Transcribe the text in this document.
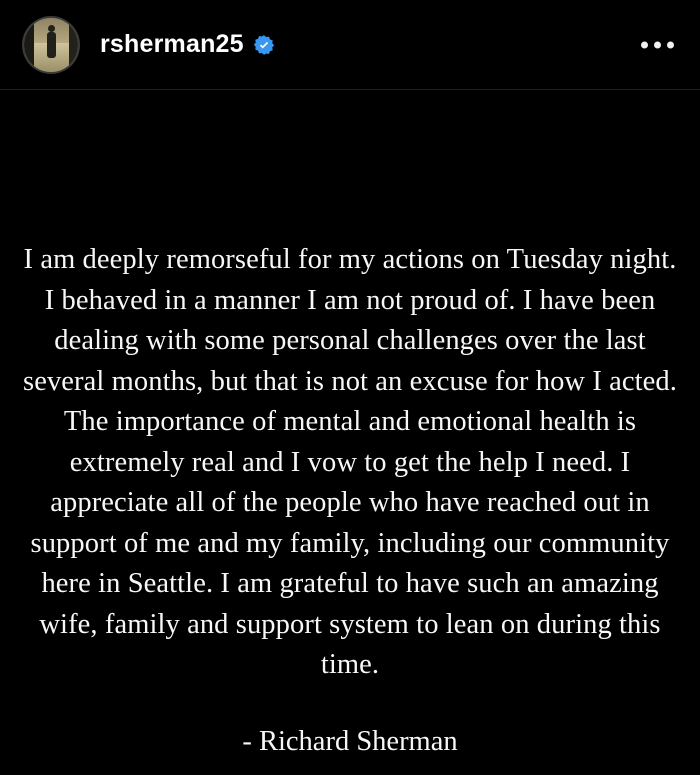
rsherman25
I am deeply remorseful for my actions on Tuesday night. I behaved in a manner I am not proud of. I have been dealing with some personal challenges over the last several months, but that is not an excuse for how I acted. The importance of mental and emotional health is extremely real and I vow to get the help I need. I appreciate all of the people who have reached out in support of me and my family, including our community here in Seattle. I am grateful to have such an amazing wife, family and support system to lean on during this time.
- Richard Sherman
